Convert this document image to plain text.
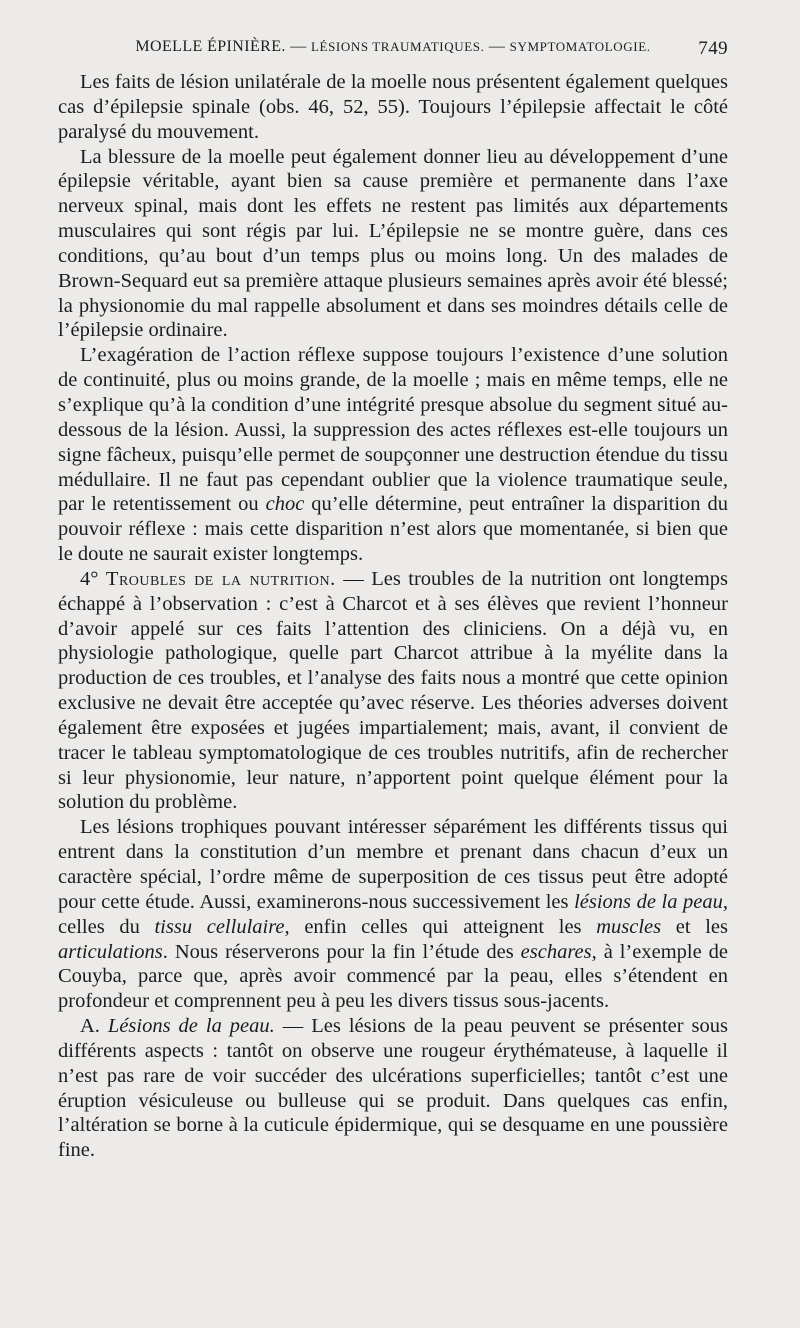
MOELLE ÉPINIÈRE. — LÉSIONS TRAUMATIQUES. — SYMPTOMATOLOGIE.	749

Les faits de lésion unilatérale de la moelle nous présentent également quelques cas d’épilepsie spinale (obs. 46, 52, 55). Toujours l’épilepsie affectait le côté paralysé du mouvement.

La blessure de la moelle peut également donner lieu au développement d’une épilepsie véritable, ayant bien sa cause première et permanente dans l’axe nerveux spinal, mais dont les effets ne restent pas limités aux départements musculaires qui sont régis par lui. L’épilepsie ne se montre guère, dans ces conditions, qu’au bout d’un temps plus ou moins long. Un des malades de Brown-Sequard eut sa première attaque plusieurs semaines après avoir été blessé; la physionomie du mal rappelle absolument et dans ses moindres détails celle de l’épilepsie ordinaire.

L’exagération de l’action réflexe suppose toujours l’existence d’une solution de continuité, plus ou moins grande, de la moelle ; mais en même temps, elle ne s’explique qu’à la condition d’une intégrité presque absolue du segment situé au-dessous de la lésion. Aussi, la suppression des actes réflexes est-elle toujours un signe fâcheux, puisqu’elle permet de soupçonner une destruction étendue du tissu médullaire. Il ne faut pas cependant oublier que la violence traumatique seule, par le retentissement ou choc qu’elle détermine, peut entraîner la disparition du pouvoir réflexe : mais cette disparition n’est alors que momentanée, si bien que le doute ne saurait exister longtemps.

4° Troubles de la nutrition. — Les troubles de la nutrition ont longtemps échappé à l’observation : c’est à Charcot et à ses élèves que revient l’honneur d’avoir appelé sur ces faits l’attention des cliniciens. On a déjà vu, en physiologie pathologique, quelle part Charcot attribue à la myélite dans la production de ces troubles, et l’analyse des faits nous a montré que cette opinion exclusive ne devait être acceptée qu’avec réserve. Les théories adverses doivent également être exposées et jugées impartialement; mais, avant, il convient de tracer le tableau symptomatologique de ces troubles nutritifs, afin de rechercher si leur physionomie, leur nature, n’apportent point quelque élément pour la solution du problème.

Les lésions trophiques pouvant intéresser séparément les différents tissus qui entrent dans la constitution d’un membre et prenant dans chacun d’eux un caractère spécial, l’ordre même de superposition de ces tissus peut être adopté pour cette étude. Aussi, examinerons-nous successivement les lésions de la peau, celles du tissu cellulaire, enfin celles qui atteignent les muscles et les articulations. Nous réserverons pour la fin l’étude des eschares, à l’exemple de Couyba, parce que, après avoir commencé par la peau, elles s’étendent en profondeur et comprennent peu à peu les divers tissus sous-jacents.

A. Lésions de la peau. — Les lésions de la peau peuvent se présenter sous différents aspects : tantôt on observe une rougeur érythémateuse, à laquelle il n’est pas rare de voir succéder des ulcérations superficielles; tantôt c’est une éruption vésiculeuse ou bulleuse qui se produit. Dans quelques cas enfin, l’altération se borne à la cuticule épidermique, qui se desquame en une poussière fine.
